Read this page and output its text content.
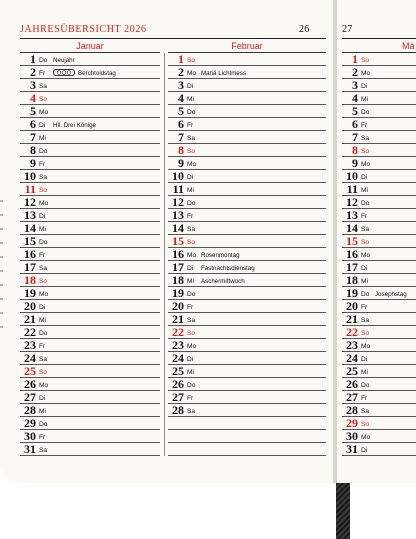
JAHRESÜBERSICHT 2026	26
Januar	Februar
1 Do Neujahr
2 Fr	Berchtoldstag
3 Sa
4 So
5 Mo
6 Di Hll. Drei Könige
7 Mi
8 Do
9 Fr
10 Sa
11 So
12 Mo
13 Di
14 Mi
15 Do
16 Fr
17 Sa
18 So
19 Mo
20 Di
21 Mi
22 Do
23 Fr
24 Sa
25 So
26 Mo
27 Di
28 Mi
29 Do
30 Fr
31 Sa
1 So
2 Mo Mariä Lichtmess
3 Di
4 Mi
5 Do
6 Fr
7 Sa
8 So
9 Mo
10 Di
11 Mi
12 Do
13 Fr
14 Sa
15 So
16 Mo Rosenmontag
17 Di Fastnachtsdienstag
18 Mi Aschermittwoch
19 Do
20 Fr
21 Sa
22 So
23 Mo
24 Di
25 Mi
26 Do
27 Fr
28 Sa
27
Mä
1 So
2 Mo
3 Di
4 Mi
5 Do
6 Fr
7 Sa
8 So
9 Mo
10 Di
11 Mi
12 Do
13 Fr
14 Sa
15 So
16 Mo
17 Di
18 Mi
19 Do Josephstag
20 Fr
21 Sa
22 So
23 Mo
24 Di
25 Mi
26 Do
27 Fr
28 Sa
29 So
30 Mo
31 Di
